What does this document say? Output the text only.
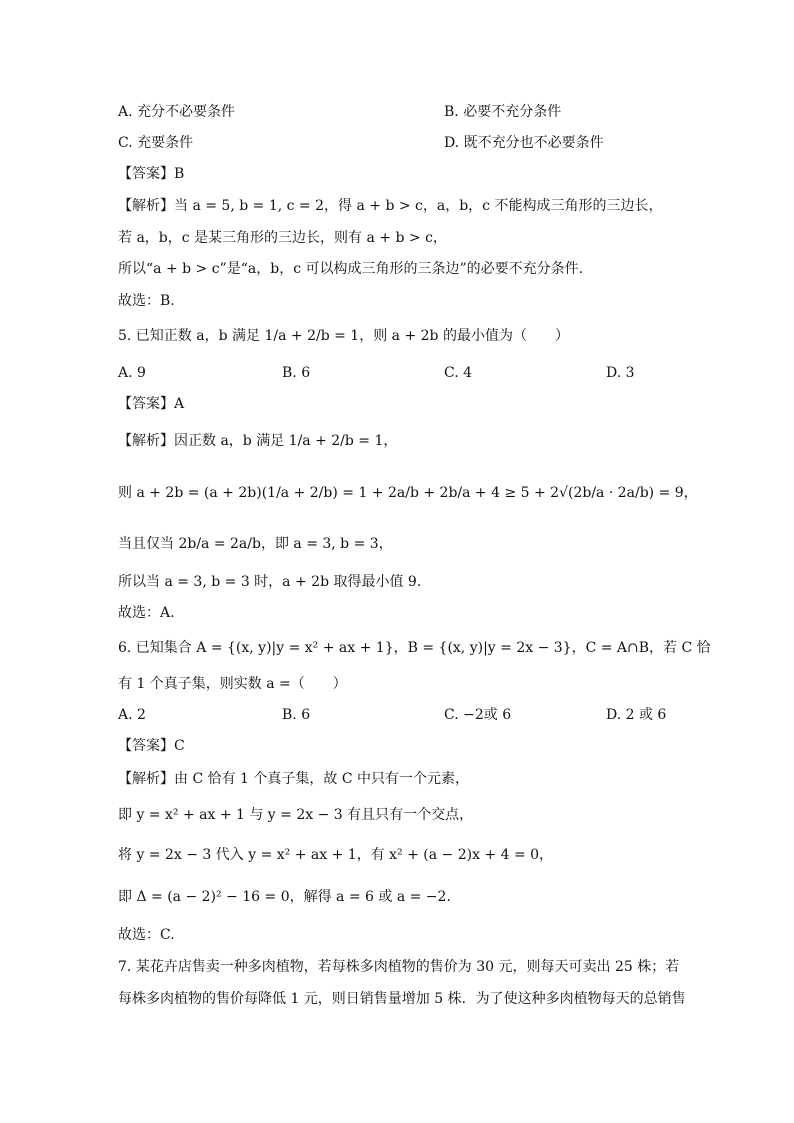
A. 充分不必要条件	B. 必要不充分条件
C. 充要条件	D. 既不充分也不必要条件
【答案】B
【解析】当 a = 5, b = 1, c = 2，得 a + b > c，a，b，c 不能构成三角形的三边长，
若 a，b，c 是某三角形的三边长，则有 a + b > c，
所以“a + b > c”是“a，b，c 可以构成三角形的三条边”的必要不充分条件.
故选：B.
5. 已知正数 a，b 满足 1/a + 2/b = 1，则 a + 2b 的最小值为（　　）
A. 9	B. 6	C. 4	D. 3
【答案】A
【解析】因正数 a，b 满足 1/a + 2/b = 1，
则 a + 2b = (a + 2b)(1/a + 2/b) = 1 + 2a/b + 2b/a + 4 ≥ 5 + 2√(2b/a · 2a/b) = 9，
当且仅当 2b/a = 2a/b，即 a = 3, b = 3，
所以当 a = 3, b = 3 时，a + 2b 取得最小值 9.
故选：A.
6. 已知集合 A = {(x, y)|y = x² + ax + 1}，B = {(x, y)|y = 2x − 3}，C = A∩B，若 C 恰
有 1 个真子集，则实数 a =（　　）
A. 2	B. 6	C. −2或 6	D. 2 或 6
【答案】C
【解析】由 C 恰有 1 个真子集，故 C 中只有一个元素，
即 y = x² + ax + 1 与 y = 2x − 3 有且只有一个交点，
将 y = 2x − 3 代入 y = x² + ax + 1，有 x² + (a − 2)x + 4 = 0，
即 Δ = (a − 2)² − 16 = 0，解得 a = 6 或 a = −2.
故选：C.
7. 某花卉店售卖一种多肉植物，若每株多肉植物的售价为 30 元，则每天可卖出 25 株；若
每株多肉植物的售价每降低 1 元，则日销售量增加 5 株．为了使这种多肉植物每天的总销售
